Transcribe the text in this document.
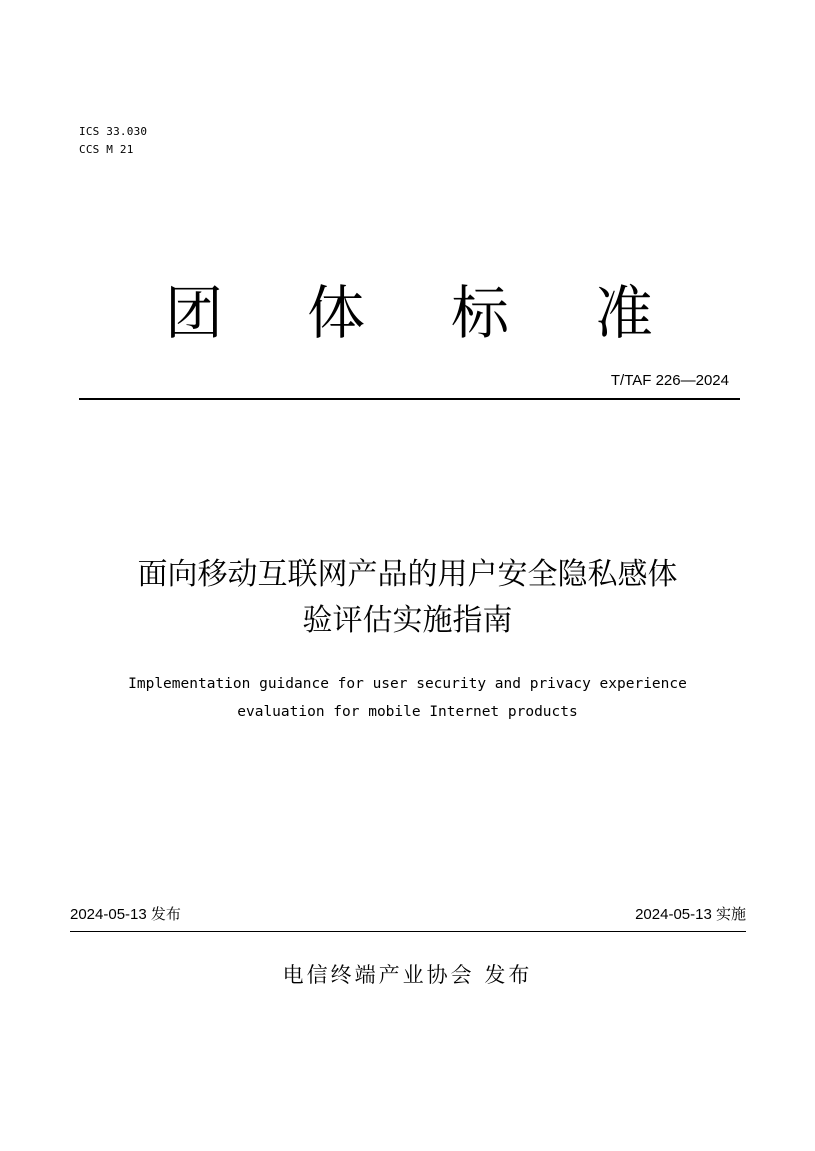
ICS 33.030
CCS M 21
团 体 标 准
T/TAF 226—2024
面向移动互联网产品的用户安全隐私感体
验评估实施指南
Implementation guidance for user security and privacy experience
evaluation for mobile Internet products
2024-05-13 发布	2024-05-13 实施
电信终端产业协会 发布
